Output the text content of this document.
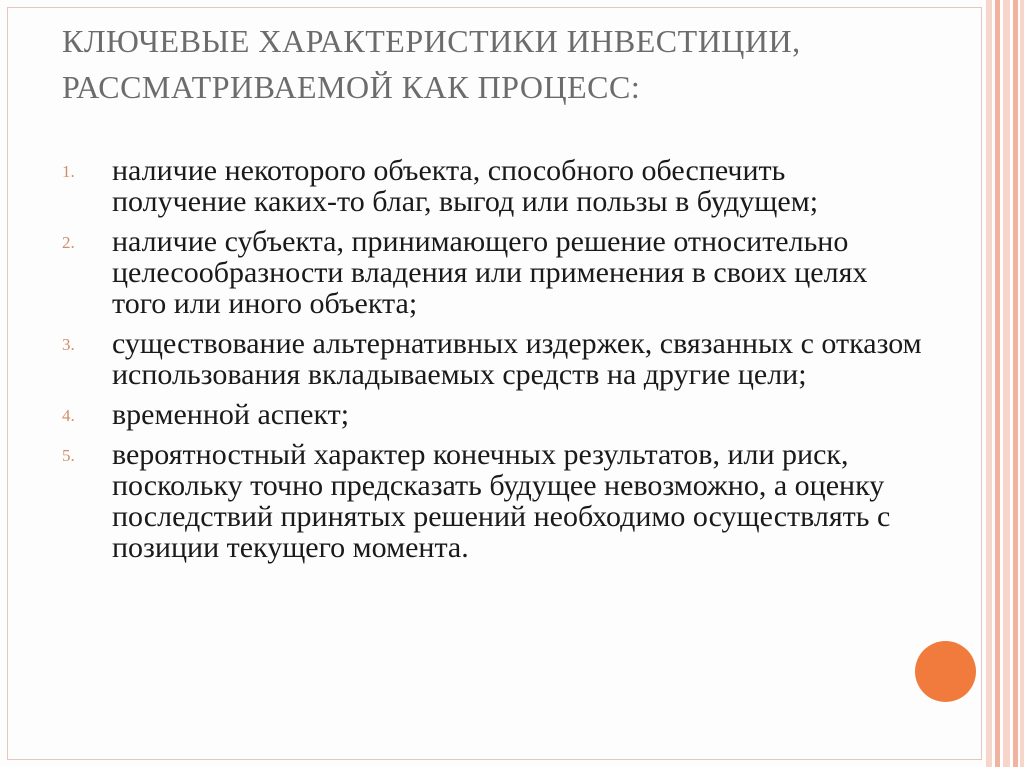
КЛЮЧЕВЫЕ ХАРАКТЕРИСТИКИ ИНВЕСТИЦИИ, РАССМАТРИВАЕМОЙ КАК ПРОЦЕСС:
1. наличие некоторого объекта, способного обеспечить получение каких-то благ, выгод или пользы в будущем;
2. наличие субъекта, принимающего решение относительно целесообразности владения или применения в своих целях того или иного объекта;
3. существование альтернативных издержек, связанных с отказом использования вкладываемых средств на другие цели;
4. временной аспект;
5. вероятностный характер конечных результатов, или риск, поскольку точно предсказать будущее невозможно, а оценку последствий принятых решений необходимо осуществлять с позиции текущего момента.
